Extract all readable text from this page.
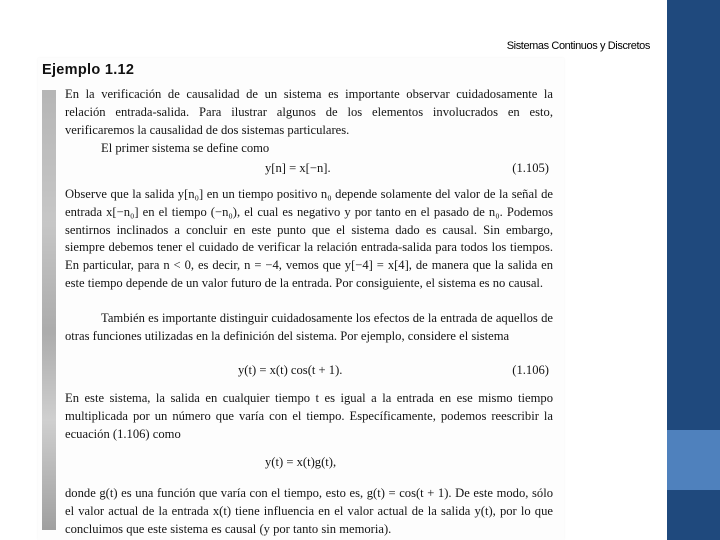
Sistemas Continuos y Discretos
Ejemplo 1.12

En la verificación de causalidad de un sistema es importante observar cuidadosamente la relación entrada-salida. Para ilustrar algunos de los elementos involucrados en esto, verificaremos la causalidad de dos sistemas particulares.

El primer sistema se define como

y[n] = x[−n].	(1.105)

Observe que la salida y[n₀] en un tiempo positivo n₀ depende solamente del valor de la señal de entrada x[−n₀] en el tiempo (−n₀), el cual es negativo y por tanto en el pasado de n₀. Podemos sentirnos inclinados a concluir en este punto que el sistema dado es causal. Sin embargo, siempre debemos tener el cuidado de verificar la relación entrada-salida para todos los tiempos. En particular, para n < 0, es decir, n = −4, vemos que y[−4] = x[4], de manera que la salida en este tiempo depende de un valor futuro de la entrada. Por consiguiente, el sistema es no causal.

También es importante distinguir cuidadosamente los efectos de la entrada de aquellos de otras funciones utilizadas en la definición del sistema. Por ejemplo, considere el sistema

y(t) = x(t) cos(t + 1).	(1.106)

En este sistema, la salida en cualquier tiempo t es igual a la entrada en ese mismo tiempo multiplicada por un número que varía con el tiempo. Específicamente, podemos reescribir la ecuación (1.106) como

y(t) = x(t)g(t),

donde g(t) es una función que varía con el tiempo, esto es, g(t) = cos(t + 1). De este modo, sólo el valor actual de la entrada x(t) tiene influencia en el valor actual de la salida y(t), por lo que concluimos que este sistema es causal (y por tanto sin memoria).
